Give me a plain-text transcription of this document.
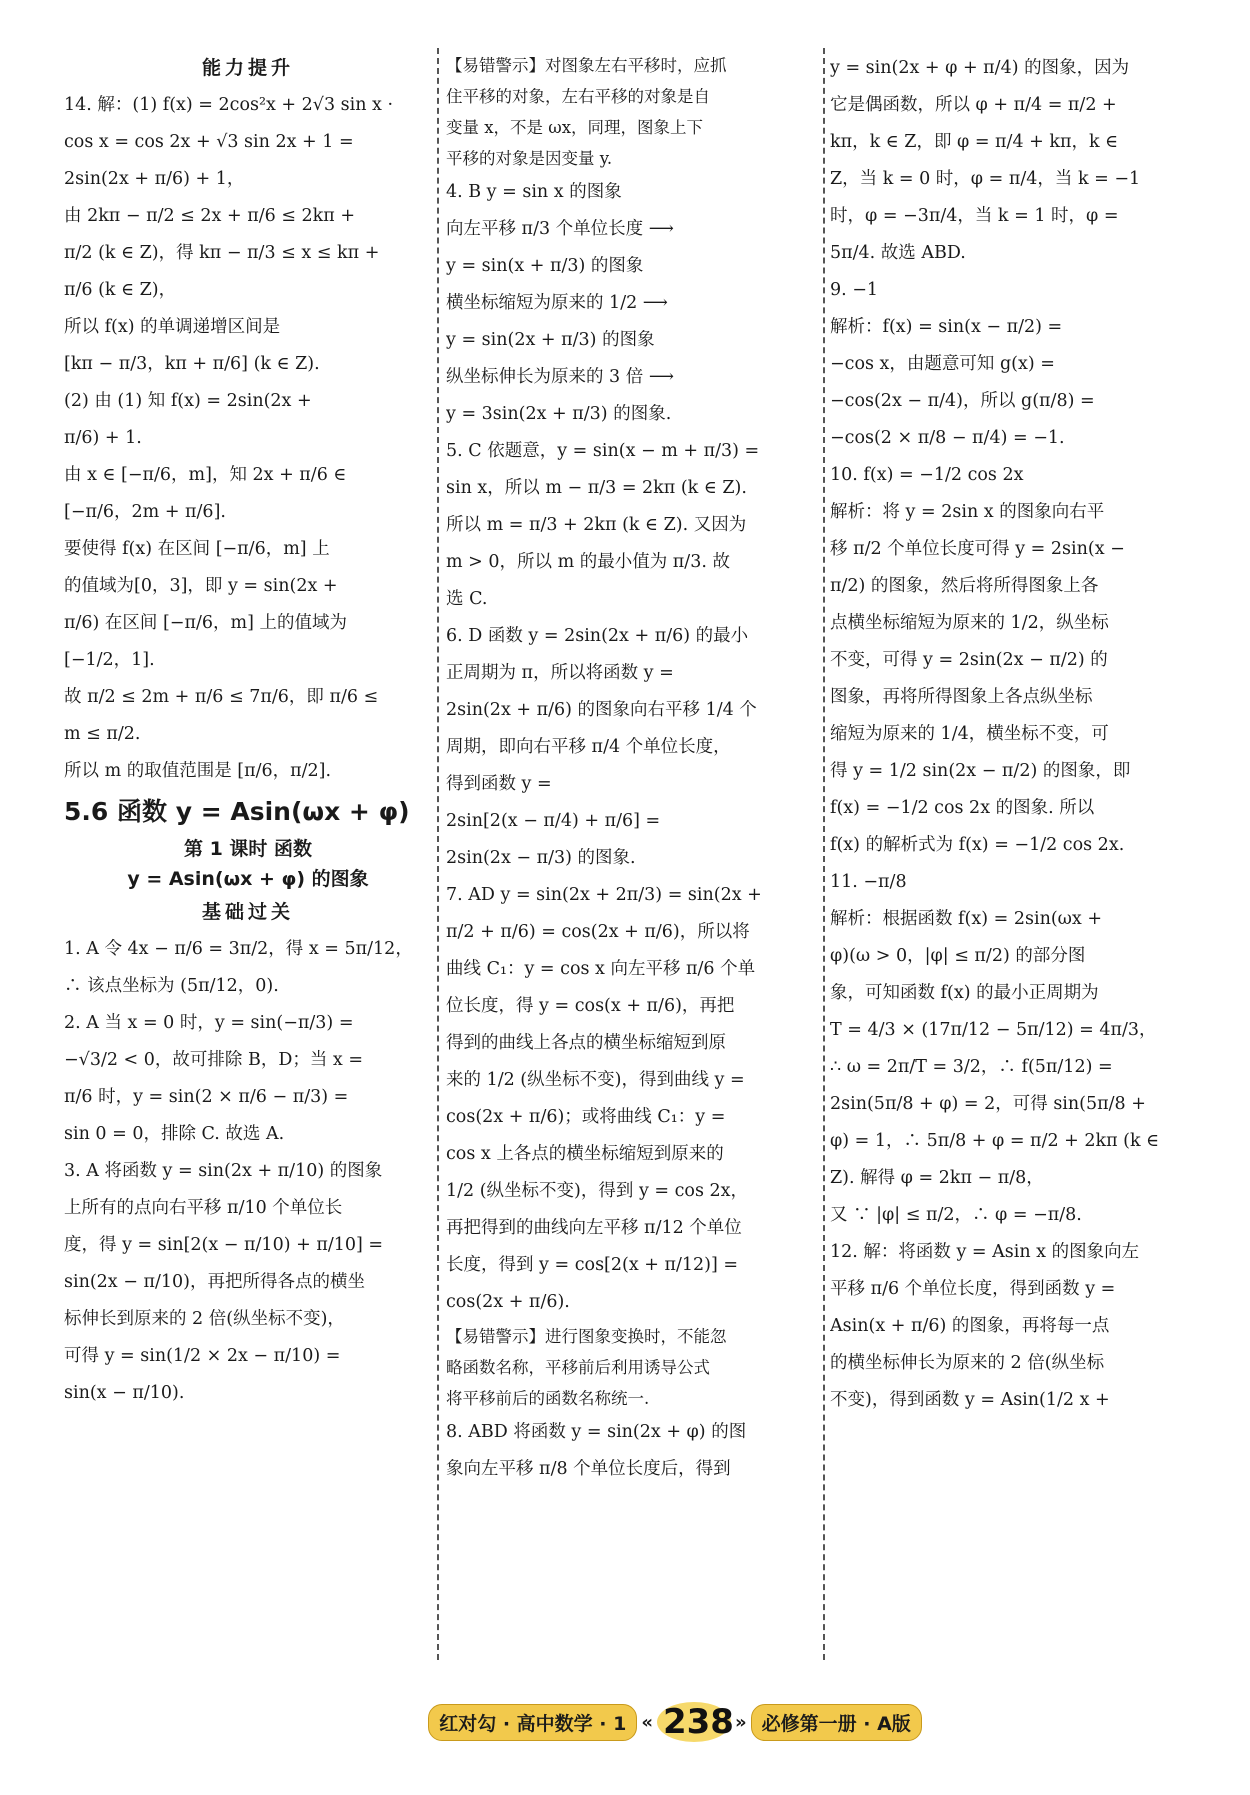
能力提升
14. 解：(1) f(x) = 2cos²x + 2√3 sin x ·
cos x = cos 2x + √3 sin 2x + 1 =
2sin(2x + π/6) + 1，
由 2kπ − π/2 ≤ 2x + π/6 ≤ 2kπ +
π/2 (k ∈ Z)，得 kπ − π/3 ≤ x ≤ kπ +
π/6 (k ∈ Z)，
所以 f(x) 的单调递增区间是
[kπ − π/3，kπ + π/6] (k ∈ Z).
(2) 由 (1) 知 f(x) = 2sin(2x +
π/6) + 1.
由 x ∈ [−π/6，m]，知 2x + π/6 ∈
[−π/6，2m + π/6].
要使得 f(x) 在区间 [−π/6，m] 上
的值域为[0，3]，即 y = sin(2x +
π/6) 在区间 [−π/6，m] 上的值域为
[−1/2，1].
故 π/2 ≤ 2m + π/6 ≤ 7π/6，即 π/6 ≤
m ≤ π/2.
所以 m 的取值范围是 [π/6，π/2].
5.6 函数 y = Asin(ωx + φ)
第 1 课时 函数
y = Asin(ωx + φ) 的图象
基础过关
1. A 令 4x − π/6 = 3π/2，得 x = 5π/12，
∴ 该点坐标为 (5π/12，0).
2. A 当 x = 0 时，y = sin(−π/3) =
−√3/2 < 0，故可排除 B，D；当 x =
π/6 时，y = sin(2 × π/6 − π/3) =
sin 0 = 0，排除 C. 故选 A.
3. A 将函数 y = sin(2x + π/10) 的图象
上所有的点向右平移 π/10 个单位长
度，得 y = sin[2(x − π/10) + π/10] =
sin(2x − π/10)，再把所得各点的横坐
标伸长到原来的 2 倍(纵坐标不变)，
可得 y = sin(1/2 × 2x − π/10) =
sin(x − π/10).
【易错警示】对图象左右平移时，应抓
住平移的对象，左右平移的对象是自
变量 x，不是 ωx，同理，图象上下
平移的对象是因变量 y.
4. B y = sin x 的图象
向左平移 π/3 个单位长度 ⟶
y = sin(x + π/3) 的图象
横坐标缩短为原来的 1/2 ⟶
y = sin(2x + π/3) 的图象
纵坐标伸长为原来的 3 倍 ⟶
y = 3sin(2x + π/3) 的图象.
5. C 依题意，y = sin(x − m + π/3) =
sin x，所以 m − π/3 = 2kπ (k ∈ Z).
所以 m = π/3 + 2kπ (k ∈ Z). 又因为
m > 0，所以 m 的最小值为 π/3. 故
选 C.
6. D 函数 y = 2sin(2x + π/6) 的最小
正周期为 π，所以将函数 y =
2sin(2x + π/6) 的图象向右平移 1/4 个
周期，即向右平移 π/4 个单位长度，
得到函数 y =
2sin[2(x − π/4) + π/6] =
2sin(2x − π/3) 的图象.
7. AD y = sin(2x + 2π/3) = sin(2x +
π/2 + π/6) = cos(2x + π/6)，所以将
曲线 C₁：y = cos x 向左平移 π/6 个单
位长度，得 y = cos(x + π/6)，再把
得到的曲线上各点的横坐标缩短到原
来的 1/2 (纵坐标不变)，得到曲线 y =
cos(2x + π/6)；或将曲线 C₁：y =
cos x 上各点的横坐标缩短到原来的
1/2 (纵坐标不变)，得到 y = cos 2x，
再把得到的曲线向左平移 π/12 个单位
长度，得到 y = cos[2(x + π/12)] =
cos(2x + π/6).
【易错警示】进行图象变换时，不能忽
略函数名称，平移前后利用诱导公式
将平移前后的函数名称统一.
8. ABD 将函数 y = sin(2x + φ) 的图
象向左平移 π/8 个单位长度后，得到
y = sin(2x + φ + π/4) 的图象，因为
它是偶函数，所以 φ + π/4 = π/2 +
kπ，k ∈ Z，即 φ = π/4 + kπ，k ∈
Z，当 k = 0 时，φ = π/4，当 k = −1
时，φ = −3π/4，当 k = 1 时，φ =
5π/4. 故选 ABD.
9. −1
解析：f(x) = sin(x − π/2) =
−cos x，由题意可知 g(x) =
−cos(2x − π/4)，所以 g(π/8) =
−cos(2 × π/8 − π/4) = −1.
10. f(x) = −1/2 cos 2x
解析：将 y = 2sin x 的图象向右平
移 π/2 个单位长度可得 y = 2sin(x −
π/2) 的图象，然后将所得图象上各
点横坐标缩短为原来的 1/2，纵坐标
不变，可得 y = 2sin(2x − π/2) 的
图象，再将所得图象上各点纵坐标
缩短为原来的 1/4，横坐标不变，可
得 y = 1/2 sin(2x − π/2) 的图象，即
f(x) = −1/2 cos 2x 的图象. 所以
f(x) 的解析式为 f(x) = −1/2 cos 2x.
11. −π/8
解析：根据函数 f(x) = 2sin(ωx +
φ)(ω > 0，|φ| ≤ π/2) 的部分图
象，可知函数 f(x) 的最小正周期为
T = 4/3 × (17π/12 − 5π/12) = 4π/3，
∴ ω = 2π/T = 3/2，∴ f(5π/12) =
2sin(5π/8 + φ) = 2，可得 sin(5π/8 +
φ) = 1，∴ 5π/8 + φ = π/2 + 2kπ (k ∈
Z). 解得 φ = 2kπ − π/8，
又 ∵ |φ| ≤ π/2，∴ φ = −π/8.
12. 解：将函数 y = Asin x 的图象向左
平移 π/6 个单位长度，得到函数 y =
Asin(x + π/6) 的图象，再将每一点
的横坐标伸长为原来的 2 倍(纵坐标
不变)，得到函数 y = Asin(1/2 x +
红对勾 · 高中数学 · 1 « 238 » 必修第一册 · A版
